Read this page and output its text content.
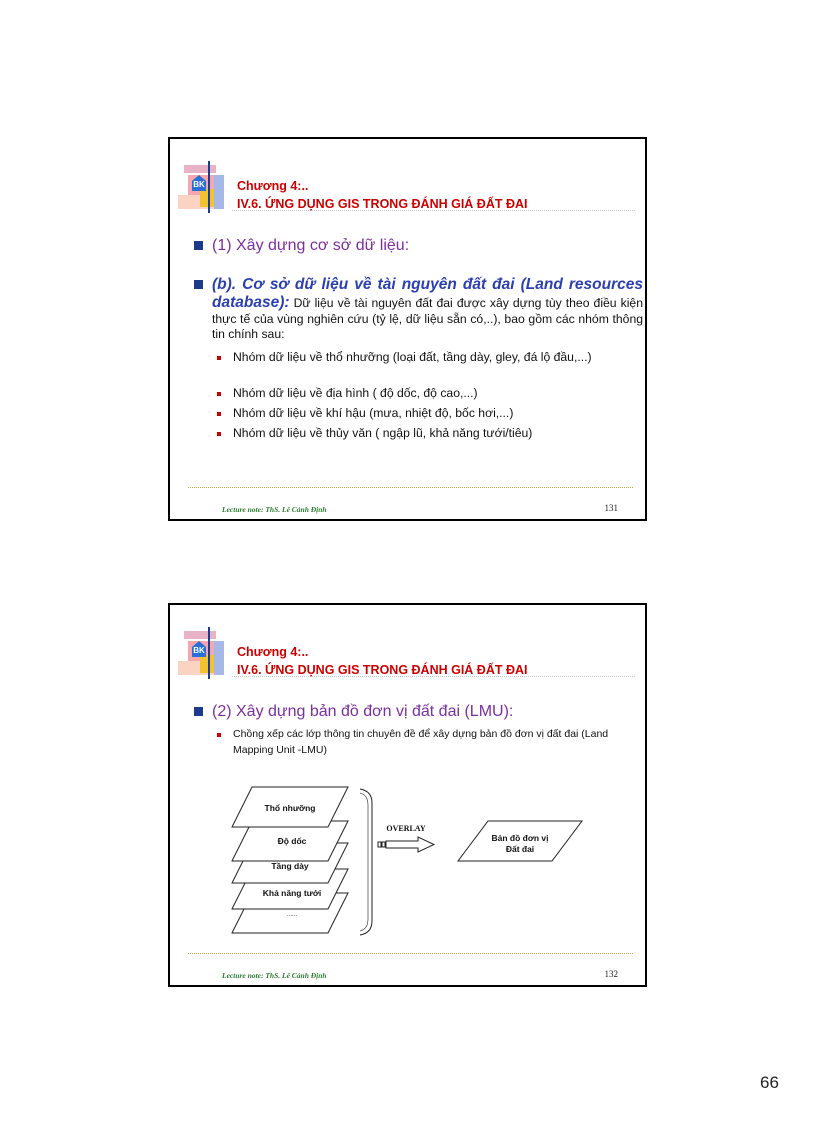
BK	Chương 4:..
IV.6. ỨNG DỤNG GIS TRONG ĐÁNH GIÁ ĐẤT ĐAI
(1) Xây dựng cơ sở dữ liệu:
(b). Cơ sở dữ liệu về tài nguyên đất đai (Land resources database): Dữ liệu về tài nguyên đất đai được xây dựng tùy theo điều kiện thực tế của vùng nghiên cứu (tỷ lệ, dữ liệu sẵn có,..), bao gồm các nhóm thông tin chính sau:
Nhóm dữ liệu về thổ nhưỡng (loại đất, tầng dày, gley, đá lộ đầu,...)
Nhóm dữ liệu về địa hình ( độ dốc, độ cao,...)
Nhóm dữ liệu về khí hậu (mưa, nhiệt độ, bốc hơi,...)
Nhóm dữ liệu về thủy văn ( ngập lũ, khả năng tưới/tiêu)
Lecture note: ThS. Lê Cảnh Định	131
BK	Chương 4:..
IV.6. ỨNG DỤNG GIS TRONG ĐÁNH GIÁ ĐẤT ĐAI
(2) Xây dựng bản đồ đơn vị đất đai (LMU):
Chồng xếp các lớp thông tin chuyên đề để xây dựng bản đồ đơn vị đất đai (Land Mapping Unit -LMU)
Thổ nhưỡng
Độ dốc
Tầng dày
Khả năng tưới
......
Bản đồ đơn vị
Đất đai
OVERLAY
Lecture note: ThS. Lê Cảnh Định	132
66
